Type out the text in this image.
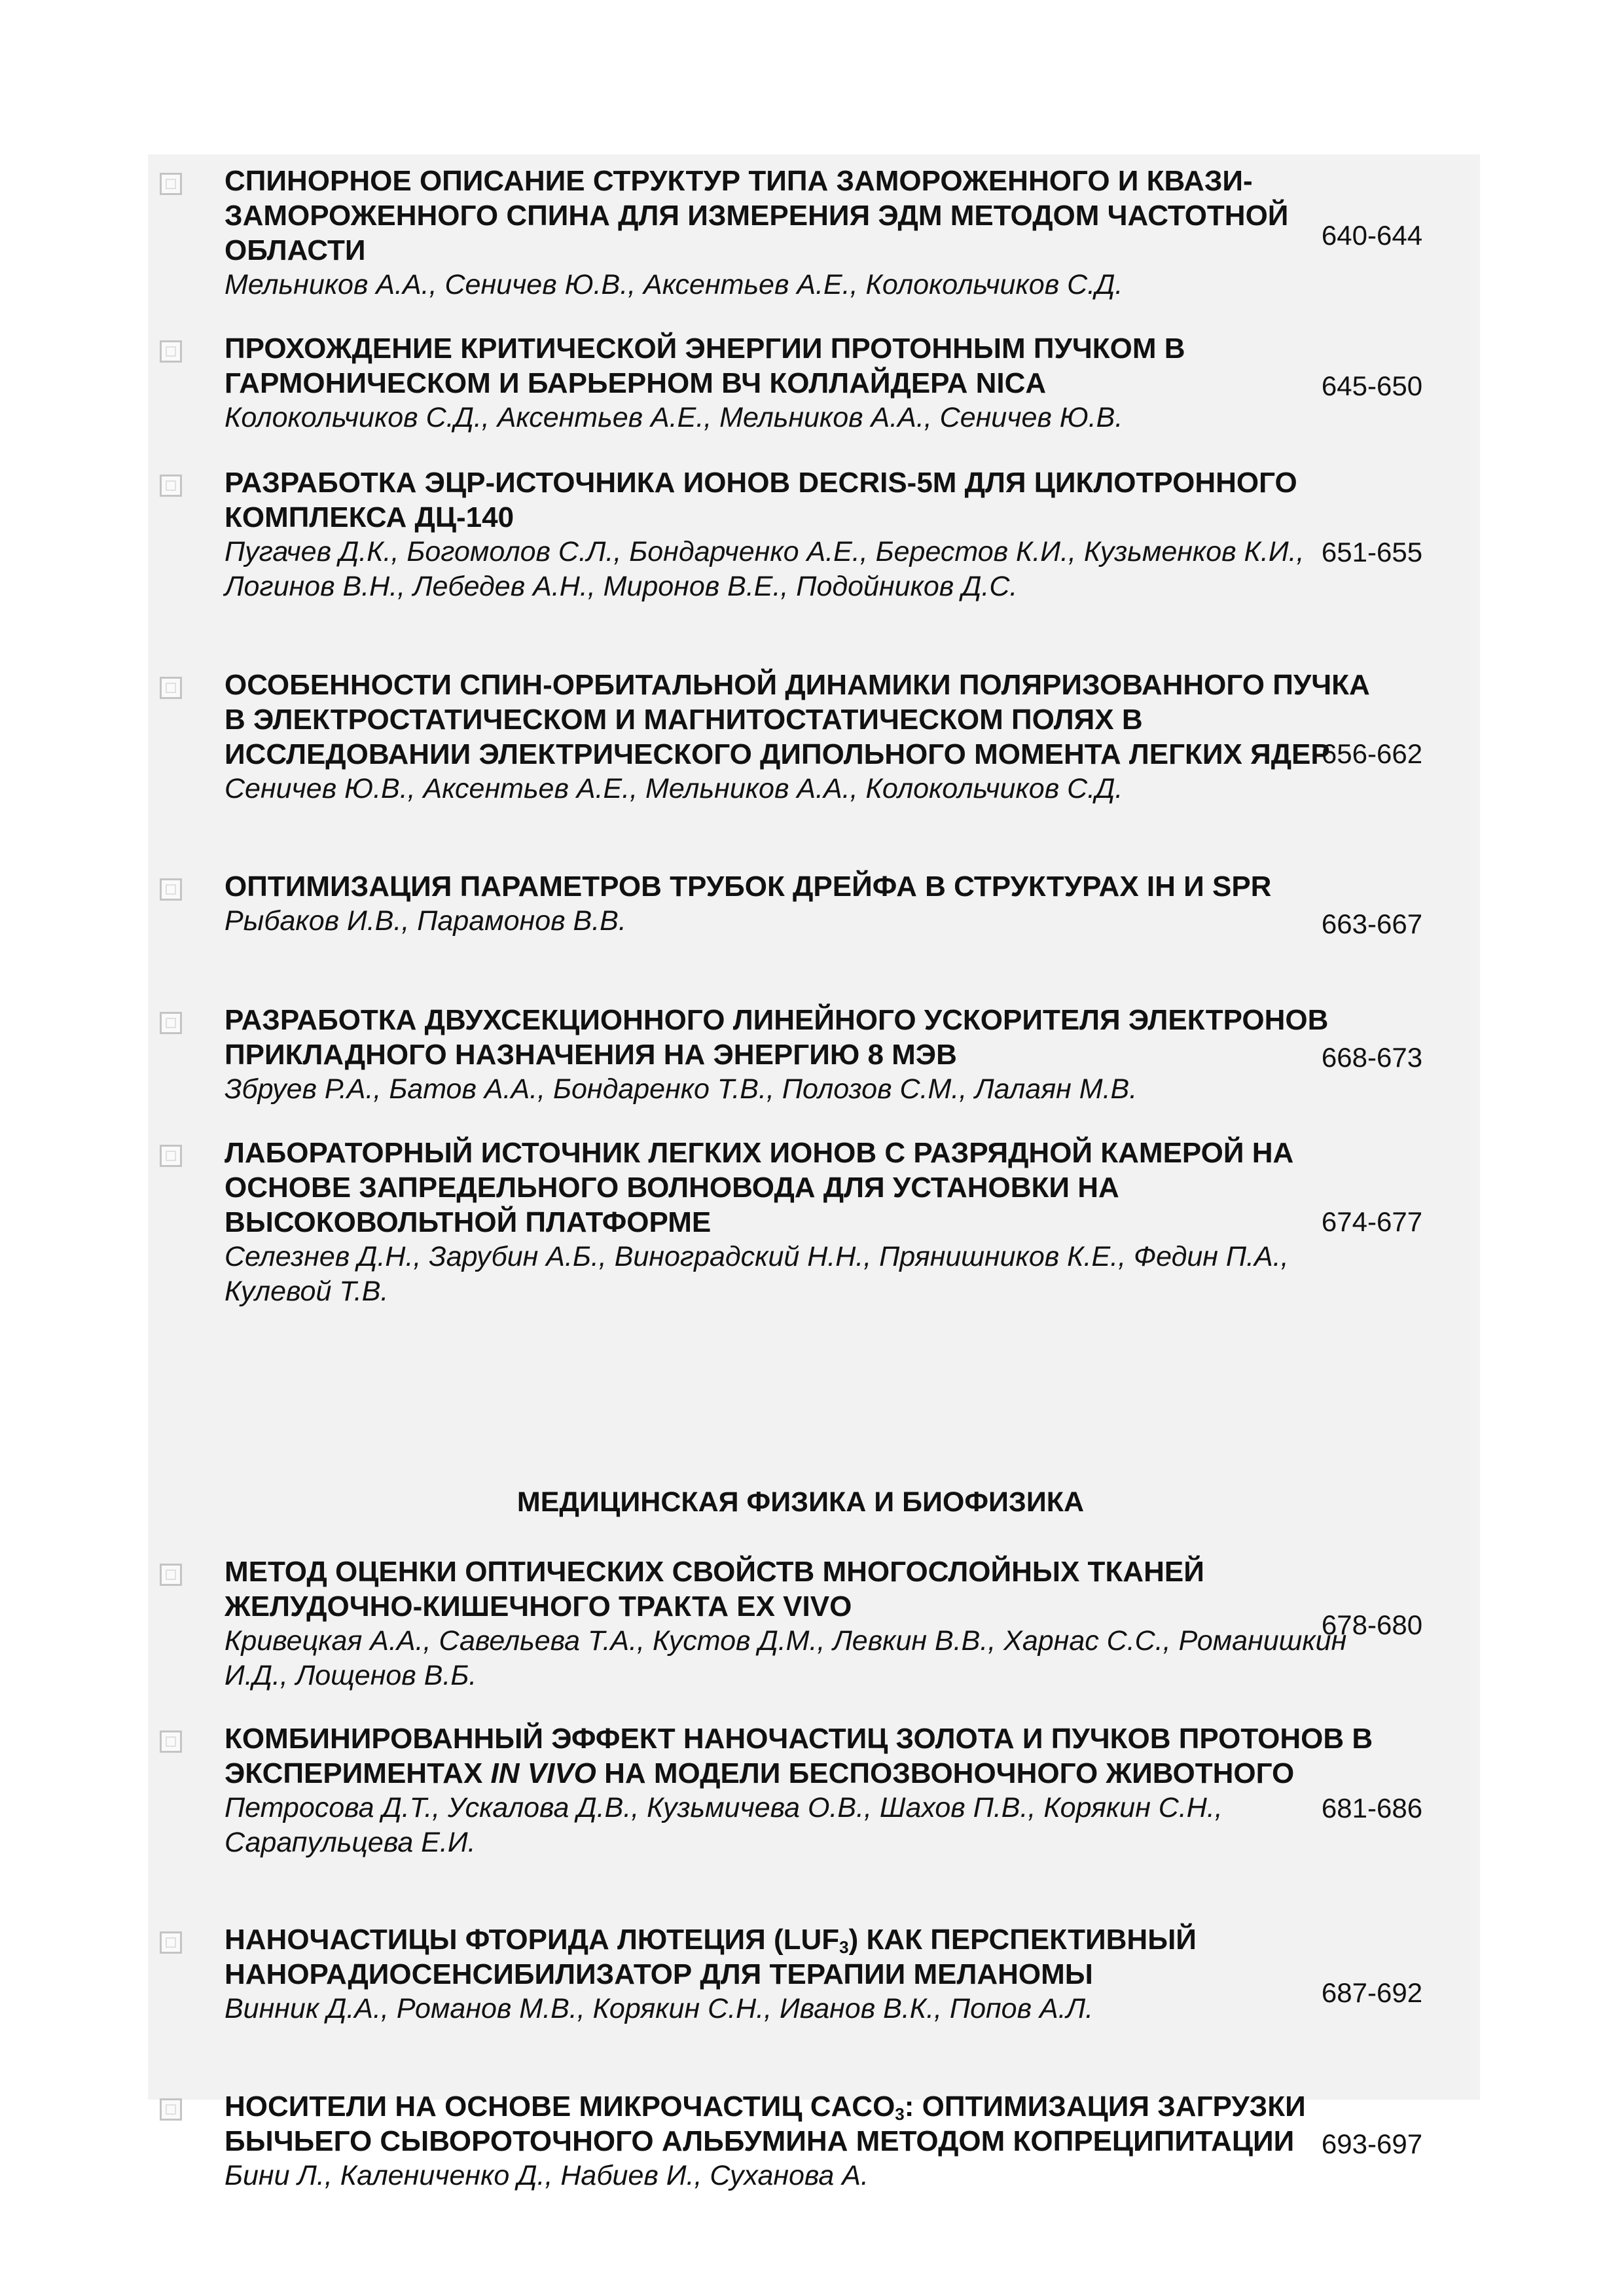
СПИНОРНОЕ ОПИСАНИЕ СТРУКТУР ТИПА ЗАМОРОЖЕННОГО И КВАЗИ-ЗАМОРОЖЕННОГО СПИНА ДЛЯ ИЗМЕРЕНИЯ ЭДМ МЕТОДОМ ЧАСТОТНОЙ ОБЛАСТИ

Мельников А.А., Сеничев Ю.В., Аксентьев А.Е., Колокольчиков С.Д.

640-644

ПРОХОЖДЕНИЕ КРИТИЧЕСКОЙ ЭНЕРГИИ ПРОТОННЫМ ПУЧКОМ В ГАРМОНИЧЕСКОМ И БАРЬЕРНОМ ВЧ КОЛЛАЙДЕРА NICA

Колокольчиков С.Д., Аксентьев А.Е., Мельников А.А., Сеничев Ю.В.

645-650

РАЗРАБОТКА ЭЦР-ИСТОЧНИКА ИОНОВ DECRIS-5М ДЛЯ ЦИКЛОТРОННОГО КОМПЛЕКСА ДЦ-140

Пугачев Д.К., Богомолов С.Л., Бондарченко А.Е., Берестов К.И., Кузьменков К.И., Логинов В.Н., Лебедев А.Н., Миронов В.Е., Подойников Д.С.

651-655

ОСОБЕННОСТИ СПИН-ОРБИТАЛЬНОЙ ДИНАМИКИ ПОЛЯРИЗОВАННОГО ПУЧКА В ЭЛЕКТРОСТАТИЧЕСКОМ И МАГНИТОСТАТИЧЕСКОМ ПОЛЯХ В ИССЛЕДОВАНИИ ЭЛЕКТРИЧЕСКОГО ДИПОЛЬНОГО МОМЕНТА ЛЕГКИХ ЯДЕР

Сеничев Ю.В., Аксентьев А.Е., Мельников А.А., Колокольчиков С.Д.

656-662

ОПТИМИЗАЦИЯ ПАРАМЕТРОВ ТРУБОК ДРЕЙФА В СТРУКТУРАХ IH И SPR

Рыбаков И.В., Парамонов В.В.	663-667

РАЗРАБОТКА ДВУХСЕКЦИОННОГО ЛИНЕЙНОГО УСКОРИТЕЛЯ ЭЛЕКТРОНОВ ПРИКЛАДНОГО НАЗНАЧЕНИЯ НА ЭНЕРГИЮ 8 МЭВ

Збруев Р.А., Батов А.А., Бондаренко Т.В., Полозов С.М., Лалаян М.В.

668-673

ЛАБОРАТОРНЫЙ ИСТОЧНИК ЛЕГКИХ ИОНОВ С РАЗРЯДНОЙ КАМЕРОЙ НА ОСНОВЕ ЗАПРЕДЕЛЬНОГО ВОЛНОВОДА ДЛЯ УСТАНОВКИ НА ВЫСОКОВОЛЬТНОЙ ПЛАТФОРМЕ

Селезнев Д.Н., Зарубин А.Б., Виноградский Н.Н., Прянишников К.Е., Федин П.А., Кулевой Т.В.

674-677
МЕДИЦИНСКАЯ ФИЗИКА И БИОФИЗИКА

МЕТОД ОЦЕНКИ ОПТИЧЕСКИХ СВОЙСТВ МНОГОСЛОЙНЫХ ТКАНЕЙ ЖЕЛУДОЧНО-КИШЕЧНОГО ТРАКТА EX VIVO

Кривецкая А.А., Савельева Т.А., Кустов Д.М., Левкин В.В., Харнас С.С., Романишкин И.Д., Лощенов В.Б.

678-680

КОМБИНИРОВАННЫЙ ЭФФЕКТ НАНОЧАСТИЦ ЗОЛОТА И ПУЧКОВ ПРОТОНОВ В ЭКСПЕРИМЕНТАХ IN VIVO НА МОДЕЛИ БЕСПОЗВОНОЧНОГО ЖИВОТНОГО

Петросова Д.Т., Ускалова Д.В., Кузьмичева О.В., Шахов П.В., Корякин С.Н., Сарапульцева Е.И.

681-686

НАНОЧАСТИЦЫ ФТОРИДА ЛЮТЕЦИЯ $(LUF_3)$ КАК ПЕРСПЕКТИВНЫЙ НАНОРАДИОСЕНСИБИЛИЗАТОР ДЛЯ ТЕРАПИИ МЕЛАНОМЫ

Винник Д.А., Романов М.В., Корякин С.Н., Иванов В.К., Попов А.Л.

687-692

НОСИТЕЛИ НА ОСНОВЕ МИКРОЧАСТИЦ $CACO_3$: ОПТИМИЗАЦИЯ ЗАГРУЗКИ БЫЧЬЕГО СЫВОРОТОЧНОГО АЛЬБУМИНА МЕТОДОМ КОПРЕЦИПИТАЦИИ

Бини Л., Калениченко Д., Набиев И., Суханова А.

693-697
